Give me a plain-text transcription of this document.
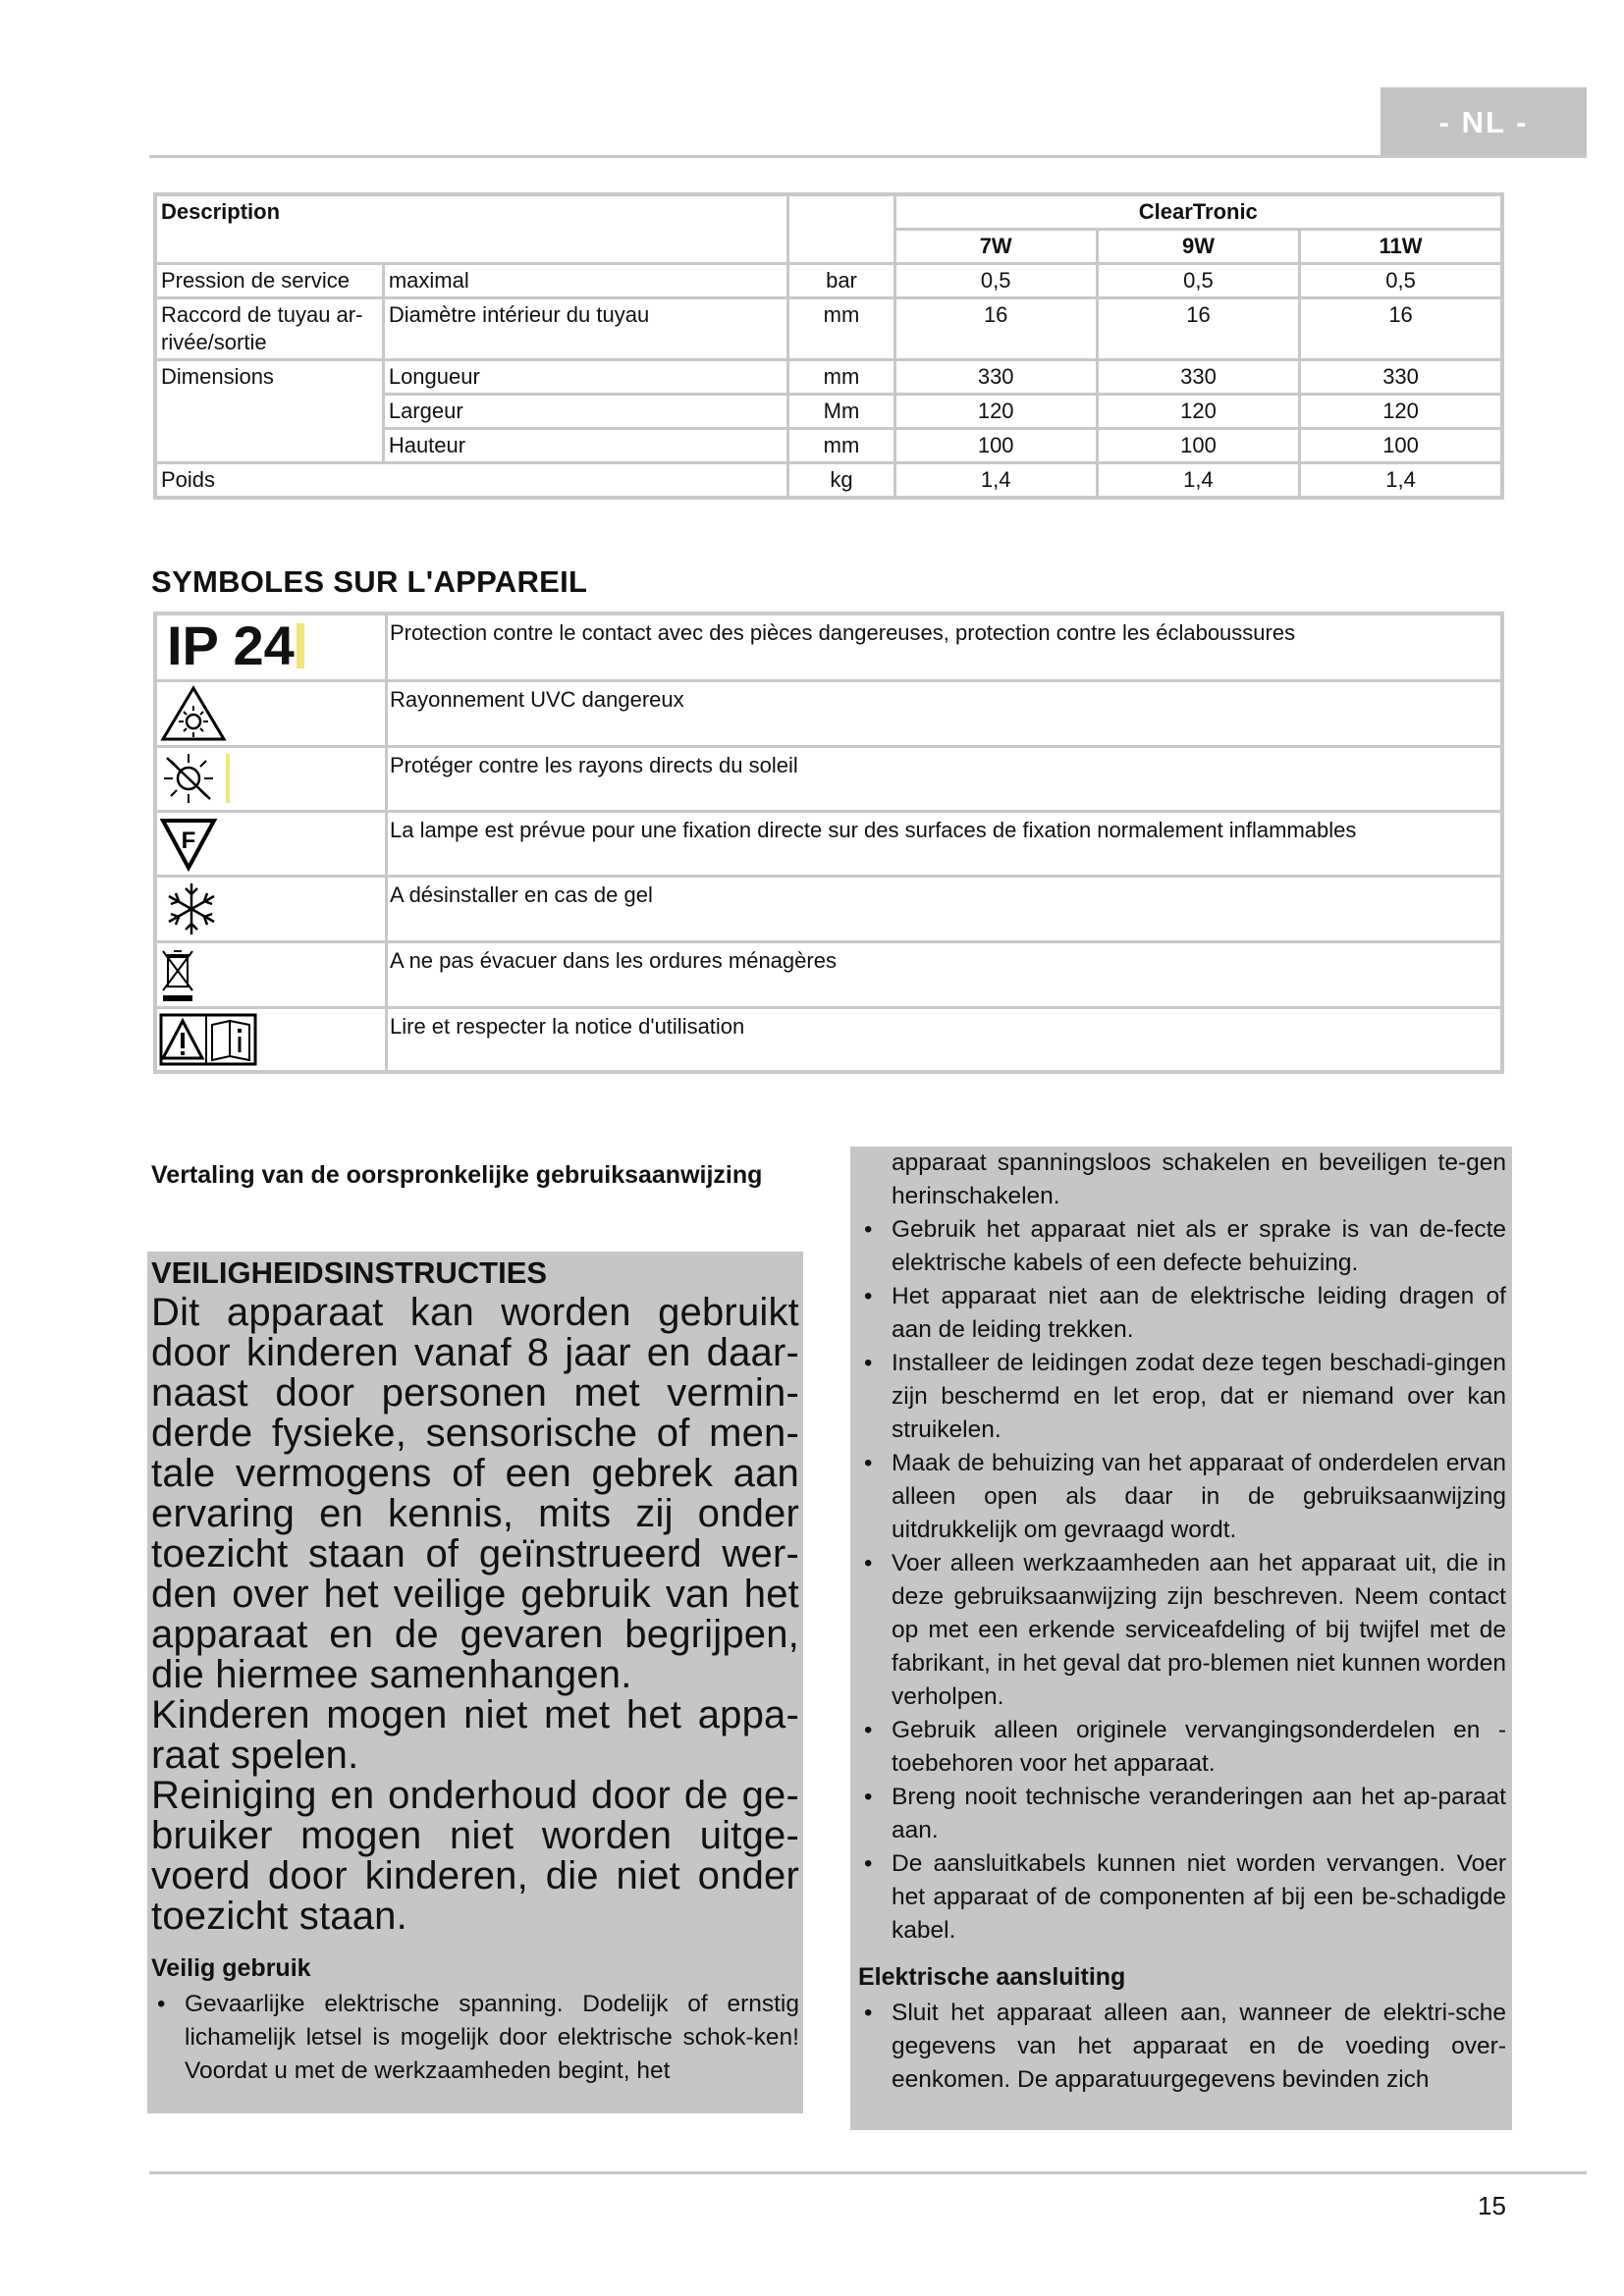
- NL -
Description			ClearTronic		
			7W	9W	11W
Pression de service	maximal	bar	0,5	0,5	0,5
Raccord de tuyau ar-rivée/sortie	Diamètre intérieur du tuyau	mm	16	16	16
Dimensions	Longueur	mm	330	330	330
	Largeur	Mm	120	120	120
	Hauteur	mm	100	100	100
Poids		kg	1,4	1,4	1,4
SYMBOLES SUR L'APPAREIL
IP 24	Protection contre le contact avec des pièces dangereuses, protection contre les éclaboussures

	Rayonnement UVC dangereux

	Protéger contre les rayons directs du soleil

F	La lampe est prévue pour une fixation directe sur des surfaces de fixation normalement inflammables

	A désinstaller en cas de gel

	A ne pas évacuer dans les ordures ménagères

	Lire et respecter la notice d'utilisation
Vertaling van de oorspronkelijke gebruiksaanwijzing
VEILIGHEIDSINSTRUCTIES

Dit apparaat kan worden gebruikt door kinderen vanaf 8 jaar en daar-naast door personen met vermin-derde fysieke, sensorische of men-tale vermogens of een gebrek aan ervaring en kennis, mits zij onder toezicht staan of geïnstrueerd wer-den over het veilige gebruik van het apparaat en de gevaren begrijpen, die hiermee samenhangen.

Kinderen mogen niet met het appa-raat spelen.

Reiniging en onderhoud door de ge-bruiker mogen niet worden uitge-voerd door kinderen, die niet onder toezicht staan.

Veilig gebruik
• Gevaarlijke elektrische spanning. Dodelijk of ernstig lichamelijk letsel is mogelijk door elektrische schok-ken! Voordat u met de werkzaamheden begint, het

apparaat spanningsloos schakelen en beveiligen te-gen herinschakelen.

• Gebruik het apparaat niet als er sprake is van de-fecte elektrische kabels of een defecte behuizing.
• Het apparaat niet aan de elektrische leiding dragen of aan de leiding trekken.
• Installeer de leidingen zodat deze tegen beschadi-gingen zijn beschermd en let erop, dat er niemand over kan struikelen.
• Maak de behuizing van het apparaat of onderdelen ervan alleen open als daar in de gebruiksaanwijzing uitdrukkelijk om gevraagd wordt.
• Voer alleen werkzaamheden aan het apparaat uit, die in deze gebruiksaanwijzing zijn beschreven. Neem contact op met een erkende serviceafdeling of bij twijfel met de fabrikant, in het geval dat pro-blemen niet kunnen worden verholpen.
• Gebruik alleen originele vervangingsonderdelen en -toebehoren voor het apparaat.
• Breng nooit technische veranderingen aan het ap-paraat aan.
• De aansluitkabels kunnen niet worden vervangen. Voer het apparaat of de componenten af bij een be-schadigde kabel.
Elektrische aansluiting
• Sluit het apparaat alleen aan, wanneer de elektri-sche gegevens van het apparaat en de voeding over-eenkomen. De apparatuurgegevens bevinden zich
15
